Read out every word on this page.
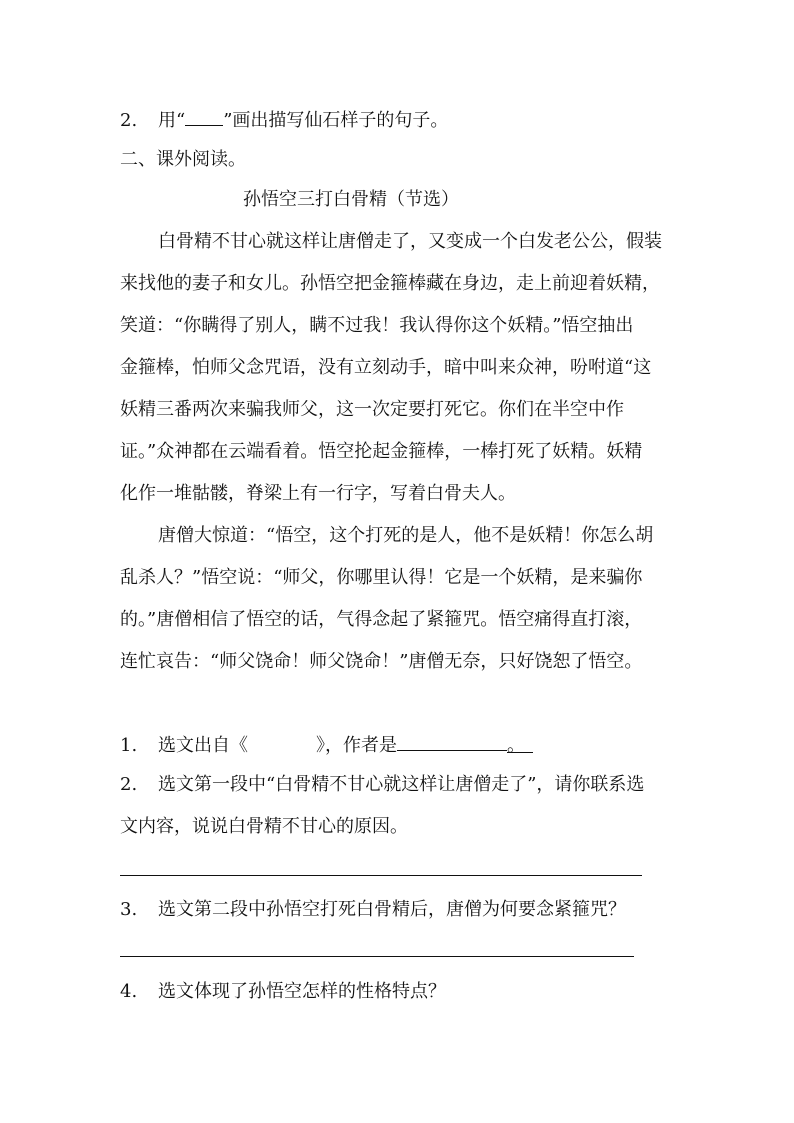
2. 用“ ”画出描写仙石样子的句子。
二、课外阅读。
孙悟空三打白骨精（节选）
白骨精不甘心就这样让唐僧走了，又变成一个白发老公公，假装
来找他的妻子和女儿。孙悟空把金箍棒藏在身边，走上前迎着妖精，
笑道：“你瞒得了别人，瞒不过我！我认得你这个妖精。”悟空抽出
金箍棒，怕师父念咒语，没有立刻动手，暗中叫来众神，吩咐道“这
妖精三番两次来骗我师父，这一次定要打死它。你们在半空中作
证。”众神都在云端看着。悟空抡起金箍棒，一棒打死了妖精。妖精
化作一堆骷髅，脊梁上有一行字，写着白骨夫人。
唐僧大惊道：“悟空，这个打死的是人，他不是妖精！你怎么胡
乱杀人？”悟空说：“师父，你哪里认得！它是一个妖精，是来骗你
的。”唐僧相信了悟空的话，气得念起了紧箍咒。悟空痛得直打滚，
连忙哀告：“师父饶命！师父饶命！”唐僧无奈，只好饶恕了悟空。
1. 选文出自《	》，作者是	。
2. 选文第一段中“白骨精不甘心就这样让唐僧走了”，请你联系选
文内容，说说白骨精不甘心的原因。
3. 选文第二段中孙悟空打死白骨精后，唐僧为何要念紧箍咒？
4. 选文体现了孙悟空怎样的性格特点？
